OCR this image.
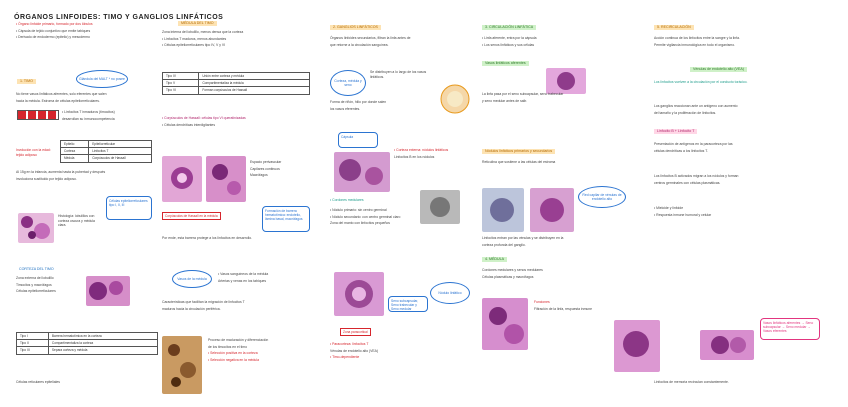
ÓRGANOS LINFOIDES: TIMO Y GANGLIOS LINFÁTICOS
• Órgano linfoide primario, formado por dos lóbulos
• Cápsula de tejido conjuntivo que emite tabiques
• Derivado de endodermo (epitelio) y mesodermo
1. TIMO
Glándula del MALT * no posee
No tiene vasos linfáticos aferentes, solo eferentes que salen
hacia la médula. Estroma de células epiteliorreticulares.
• Linfocitos T inmaduros (timocitos)
desarrollan su inmunocompetencia
Epitelio	Epiteliorreticular
Corteza	Linfocitos T
Médula	Corpúsculos de Hassall
Involución con la edad: tejido adiposo
Al 15g en la infancia, aumenta hasta la pubertad y después
involuciona sustituido por tejido adiposo.
Histología: lobulillos con corteza oscura y médula clara.
Células epiteliorreticulares tipo I, II, III
CORTEZA DEL TIMO
Zona externa del lobulillo
Timocitos y macrófagos
Células epiteliorreticulares
Tipo I	Barrera hematotímica en la corteza
Tipo II	Compartimentaliza la corteza
Tipo III	Separa corteza y médula
Células reticulares epiteliales
MÉDULA DEL TIMO
Zona interna del lobulillo, menos densa que la corteza
• Linfocitos T maduros, menos abundantes
• Células epiteliorreticulares tipo IV, V y VI
Tipo IV	Unión entre corteza y médula
Tipo V	Compartimentaliza la médula
Tipo VI	Forman corpúsculos de Hassall
• Corpúsculos de Hassall: células tipo VI queratinizadas
• Células dendríticas interdigitantes
Espacio perivascular
Capilares continuos
Macrófagos
Corpúsculos de Hassall en la médula
Formación de barrera hematotímica: endotelio, lámina basal, macrófagos
Por ende, esta barrera protege a los linfocitos en desarrollo.
Vasos de la médula
• Vasos sanguíneos de la médula
Arterias y venas en los tabiques
Características que facilitan la migración de linfocitos T
maduros hacia la circulación periférica.
Proceso de maduración y diferenciación
de los timocitos en el timo
• Selección positiva en la corteza
• Selección negativa en la médula
2. GANGLIOS LINFÁTICOS
Órganos linfoides secundarios, filtran la linfa antes de
que retorne a la circulación sanguínea.
Corteza, médula y seno
Se distribuyen a lo largo de los vasos linfáticos.
Forma de riñón, hilio por donde salen
los vasos eferentes.
Cápsula
• Corteza externa: nódulos linfáticos
Linfocitos B en los nódulos
• Cordones medulares
• Nódulo primario: sin centro germinal
• Nódulo secundario: con centro germinal claro
Zona del manto con linfocitos pequeños
Nódulo linfático
Seno subcapsular, Seno trabecular y Seno medular
Zona paracortical
• Paracorteza: linfocitos T
Vénulas de endotelio alto (VEA)
• Timo-dependiente
3. CIRCULACIÓN LINFÁTICA
• Linfa aferente, entra por la cápsula
• Los senos linfáticos y sus células
Vasos linfáticos aferentes
La linfa pasa por el seno subcapsular, seno trabecular
y seno medular antes de salir.
Nódulos linfáticos primarios y secundarios
Reticulina que sostiene a las células del estroma
Red capilar de vénulas de endotelio alto
Linfocitos entran por las vénulas y se distribuyen en la
corteza profunda del ganglio.
4. MÉDULA
Cordones medulares y senos medulares
Células plasmáticas y macrófagos
Funciones
Filtración de la linfa, respuesta inmune
5. RECIRCULACIÓN
Acción continua de los linfocitos entre la sangre y la linfa.
Permite vigilancia inmunológica en todo el organismo.
Vénulas de endotelio alto (VEA)
Los linfocitos vuelven a la circulación por el conducto torácico.
Los ganglios reaccionan ante un antígeno con aumento
del tamaño y la proliferación de linfocitos.
Linfocito B + Linfocito T
Presentación de antígenos en la paracorteza por las
células dendríticas a los linfocitos T.
Los linfocitos B activados migran a los nódulos y forman
centros germinales con células plasmáticas.
• Mieloide y linfoide
• Respuesta inmune humoral y celular
Vasos linfáticos aferentes → Seno subcapsular → Seno medular → Vasos eferentes
Linfocitos de memoria recirculan constantemente.
